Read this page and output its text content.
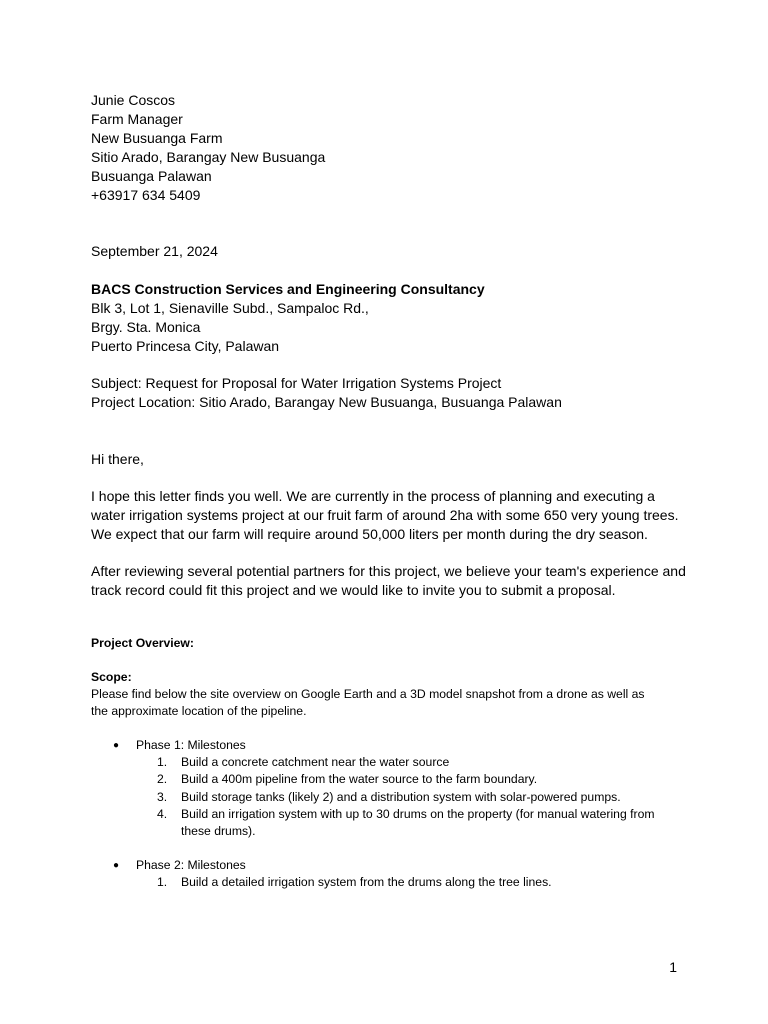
Junie Coscos
Farm Manager
New Busuanga Farm
Sitio Arado, Barangay New Busuanga
Busuanga Palawan
+63917 634 5409
September 21, 2024
BACS Construction Services and Engineering Consultancy
Blk 3, Lot 1, Sienaville Subd., Sampaloc Rd.,
Brgy. Sta. Monica
Puerto Princesa City, Palawan
Subject: Request for Proposal for Water Irrigation Systems Project
Project Location: Sitio Arado, Barangay New Busuanga, Busuanga Palawan
Hi there,
I hope this letter finds you well. We are currently in the process of planning and executing a
water irrigation systems project at our fruit farm of around 2ha with some 650 very young trees.
We expect that our farm will require around 50,000 liters per month during the dry season.
After reviewing several potential partners for this project, we believe your team's experience and
track record could fit this project and we would like to invite you to submit a proposal.
Project Overview:
Scope:
Please find below the site overview on Google Earth and a 3D model snapshot from a drone as well as
the approximate location of the pipeline.
● Phase 1: Milestones
1. Build a concrete catchment near the water source
2. Build a 400m pipeline from the water source to the farm boundary.
3. Build storage tanks (likely 2) and a distribution system with solar-powered pumps.
4. Build an irrigation system with up to 30 drums on the property (for manual watering from these drums).
● Phase 2: Milestones
1. Build a detailed irrigation system from the drums along the tree lines.
1
